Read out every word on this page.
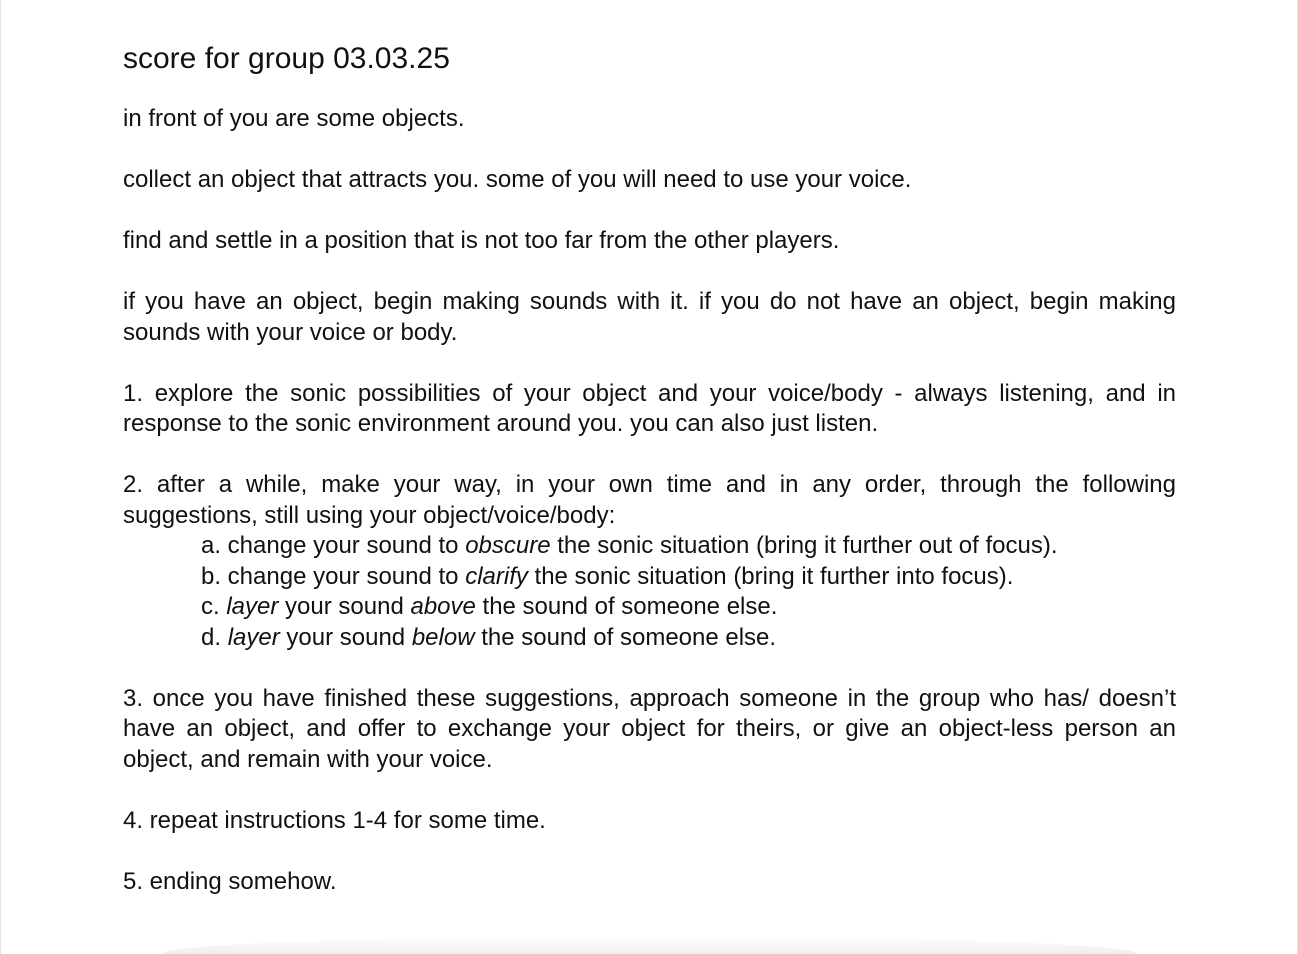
score for group 03.03.25

in front of you are some objects.

collect an object that attracts you. some of you will need to use your voice.

find and settle in a position that is not too far from the other players.

if you have an object, begin making sounds with it. if you do not have an object, begin making sounds with your voice or body.

1. explore the sonic possibilities of your object and your voice/body - always listening, and in response to the sonic environment around you. you can also just listen.

2. after a while, make your way, in your own time and in any order, through the following suggestions, still using your object/voice/body:
a. change your sound to obscure the sonic situation (bring it further out of focus).
b. change your sound to clarify the sonic situation (bring it further into focus).
c. layer your sound above the sound of someone else.
d. layer your sound below the sound of someone else.

3. once you have finished these suggestions, approach someone in the group who has/ doesn’t have an object, and offer to exchange your object for theirs, or give an object-less person an object, and remain with your voice.

4. repeat instructions 1-4 for some time.

5. ending somehow.
